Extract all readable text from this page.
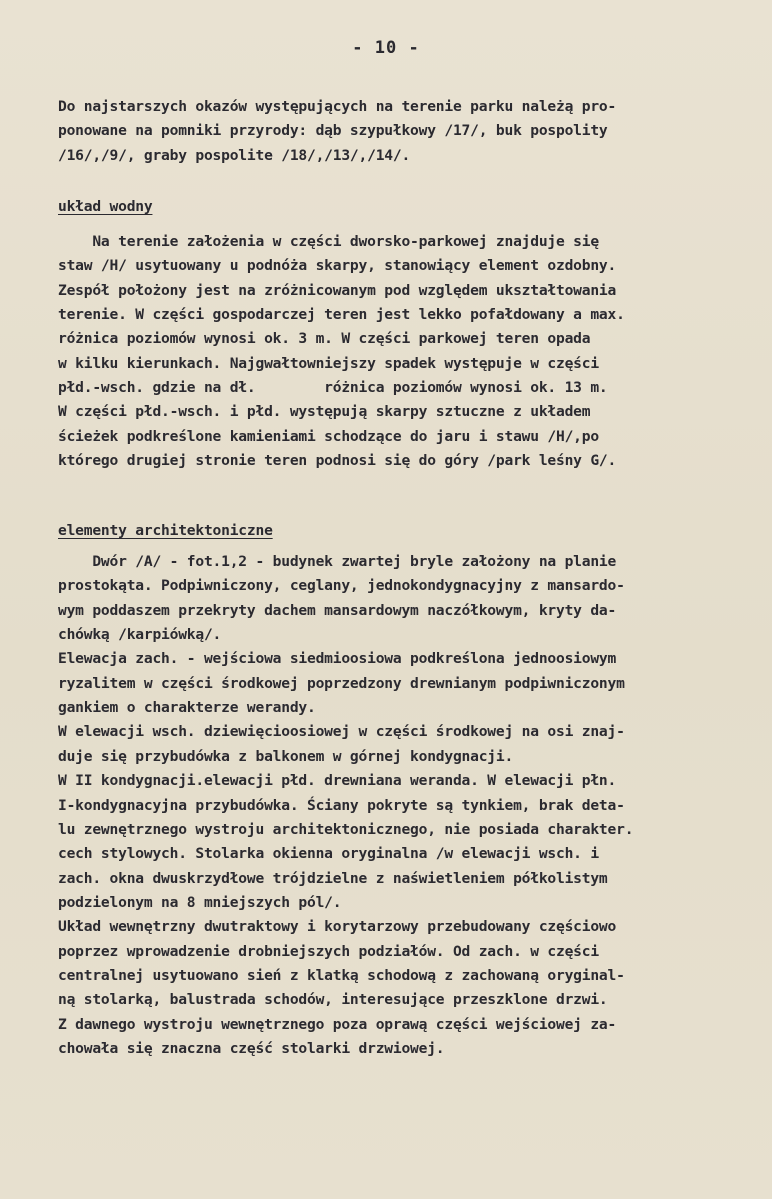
- 10 -
Do najstarszych okazów występujących na terenie parku należą pro-
ponowane na pomniki przyrody: dąb szypułkowy /17/, buk pospolity
/16/,/9/, graby pospolite /18/,/13/,/14/.
układ wodny
Na terenie założenia w części dworsko-parkowej znajduje się
staw /H/ usytuowany u podnóża skarpy, stanowiący element ozdobny.
Zespół położony jest na zróżnicowanym pod względem ukształtowania
terenie. W części gospodarczej teren jest lekko pofałdowany a max.
różnica poziomów wynosi ok. 3 m. W części parkowej teren opada
w kilku kierunkach. Najgwałtowniejszy spadek występuje w części
płd.-wsch. gdzie na dł.        różnica poziomów wynosi ok. 13 m.
W części płd.-wsch. i płd. występują skarpy sztuczne z układem
ścieżek podkreślone kamieniami schodzące do jaru i stawu /H/,po
którego drugiej stronie teren podnosi się do góry /park leśny G/.
elementy architektoniczne
Dwór /A/ - fot.1,2 - budynek zwartej bryle założony na planie
prostokąta. Podpiwniczony, ceglany, jednokondygnacyjny z mansardo-
wym poddaszem przekryty dachem mansardowym naczółkowym, kryty da-
chówką /karpiówką/.
Elewacja zach. - wejściowa siedmioosiowa podkreślona jednoosiowym
ryzalitem w części środkowej poprzedzony drewnianym podpiwniczonym
gankiem o charakterze werandy.
W elewacji wsch. dziewięcioosiowej w części środkowej na osi znaj-
duje się przybudówka z balkonem w górnej kondygnacji.
W II kondygnacji.elewacji płd. drewniana weranda. W elewacji płn.
I-kondygnacyjna przybudówka. Ściany pokryte są tynkiem, brak deta-
lu zewnętrznego wystroju architektonicznego, nie posiada charakter.
cech stylowych. Stolarka okienna oryginalna /w elewacji wsch. i
zach. okna dwuskrzydłowe trójdzielne z naświetleniem półkolistym
podzielonym na 8 mniejszych pól/.
Układ wewnętrzny dwutraktowy i korytarzowy przebudowany częściowo
poprzez wprowadzenie drobniejszych podziałów. Od zach. w części
centralnej usytuowano sień z klatką schodową z zachowaną oryginal-
ną stolarką, balustrada schodów, interesujące przeszklone drzwi.
Z dawnego wystroju wewnętrznego poza oprawą części wejściowej za-
chowała się znaczna część stolarki drzwiowej.
